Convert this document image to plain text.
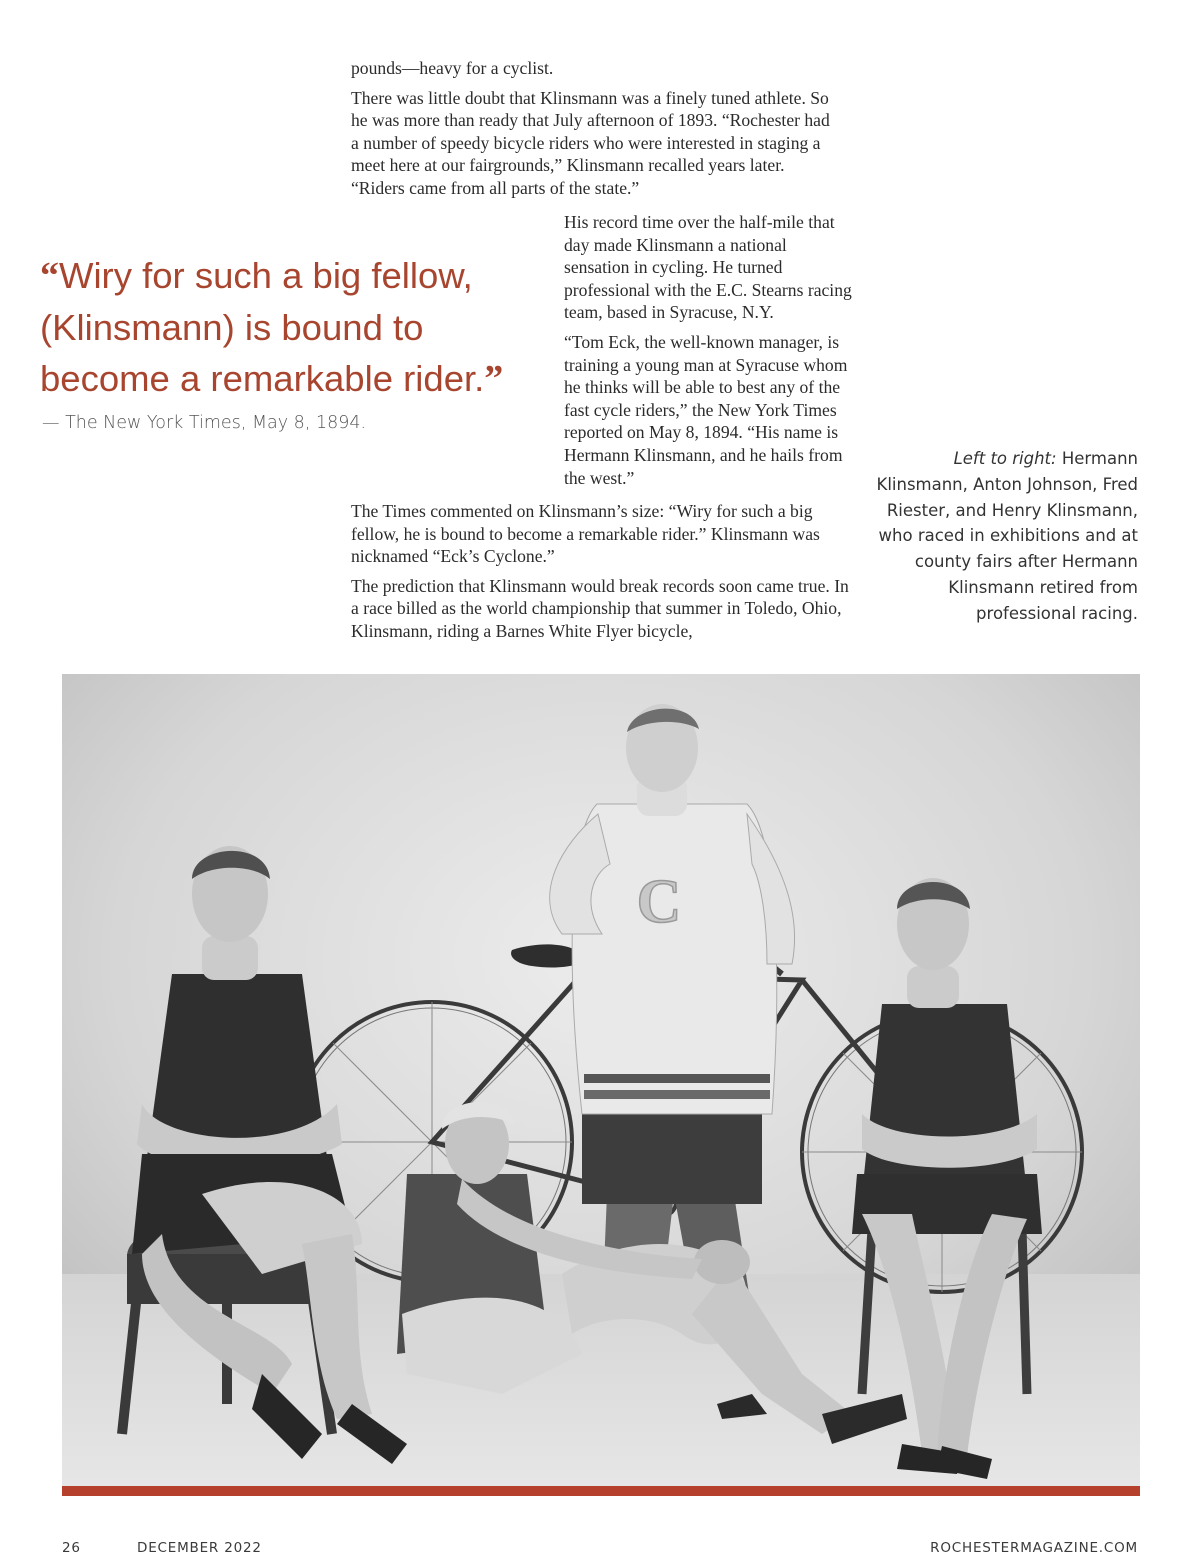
pounds—heavy for a cyclist.

There was little doubt that Klinsmann was a finely tuned athlete. So he was more than ready that July afternoon of 1893. “Rochester had a number of speedy bicycle riders who were interested in staging a meet here at our fairgrounds,” Klinsmann recalled years later. “Riders came from all parts of the state.”

His record time over the half-mile that day made Klinsmann a national sensation in cycling. He turned professional with the E.C. Stearns racing team, based in Syracuse, N.Y.

“Tom Eck, the well-known manager, is training a young man at Syracuse whom he thinks will be able to best any of the fast cycle riders,” the New York Times reported on May 8, 1894. “His name is Hermann Klinsmann, and he hails from the west.”

The Times commented on Klinsmann’s size: “Wiry for such a big fellow, he is bound to become a remarkable rider.” Klinsmann was nicknamed “Eck’s Cyclone.”

The prediction that Klinsmann would break records soon came true. In a race billed as the world championship that summer in Toledo, Ohio, Klinsmann, riding a Barnes White Flyer bicycle,

“Wiry for such a big fellow, (Klinsmann) is bound to become a remarkable rider.”
— The New York Times, May 8, 1894.
Left to right: Hermann Klinsmann, Anton Johnson, Fred Riester, and Henry Klinsmann, who raced in exhibitions and at county fairs after Hermann Klinsmann retired from professional racing.
C
26	DECEMBER 2022	ROCHESTERMAGAZINE.COM
